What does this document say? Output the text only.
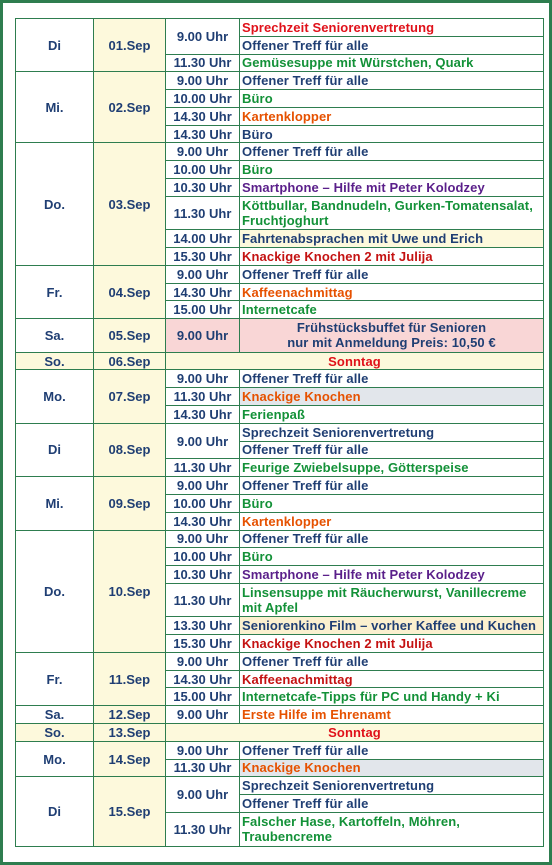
Di	01.Sep	9.00 Uhr	Sprechzeit Seniorenvertretung
			Offener Treff für alle
		11.30 Uhr	Gemüsesuppe mit Würstchen, Quark
Mi.	02.Sep	9.00 Uhr	Offener Treff für alle
		10.00 Uhr	Büro
		14.30 Uhr	Kartenklopper
		14.30 Uhr	Büro
Do.	03.Sep	9.00 Uhr	Offener Treff für alle
		10.00 Uhr	Büro
		10.30 Uhr	Smartphone – Hilfe mit Peter Kolodzey
		11.30 Uhr	Köttbullar, Bandnudeln, Gurken-Tomatensalat, Fruchtjoghurt
		14.00 Uhr	Fahrtenabsprachen mit Uwe und Erich
		15.30 Uhr	Knackige Knochen 2 mit Julija
Fr.	04.Sep	9.00 Uhr	Offener Treff für alle
		14.30 Uhr	Kaffeenachmittag
		15.00 Uhr	Internetcafe
Sa.	05.Sep	9.00 Uhr	Frühstücksbuffet für Senioren
nur mit Anmeldung Preis: 10,50 €
So.	06.Sep	Sonntag	
Mo.	07.Sep	9.00 Uhr	Offener Treff für alle
		11.30 Uhr	Knackige Knochen
		14.30 Uhr	Ferienpaß
Di	08.Sep	9.00 Uhr	Sprechzeit Seniorenvertretung
			Offener Treff für alle
		11.30 Uhr	Feurige Zwiebelsuppe, Götterspeise
Mi.	09.Sep	9.00 Uhr	Offener Treff für alle
		10.00 Uhr	Büro
		14.30 Uhr	Kartenklopper
Do.	10.Sep	9.00 Uhr	Offener Treff für alle
		10.00 Uhr	Büro
		10.30 Uhr	Smartphone – Hilfe mit Peter Kolodzey
		11.30 Uhr	Linsensuppe mit Räucherwurst, Vanillecreme mit Apfel
		13.30 Uhr	Seniorenkino Film – vorher Kaffee und Kuchen
		15.30 Uhr	Knackige Knochen 2 mit Julija
Fr.	11.Sep	9.00 Uhr	Offener Treff für alle
		14.30 Uhr	Kaffeenachmittag
		15.00 Uhr	Internetcafe-Tipps für PC und Handy + Ki
Sa.	12.Sep	9.00 Uhr	Erste Hilfe im Ehrenamt
So.	13.Sep	Sonntag	
Mo.	14.Sep	9.00 Uhr	Offener Treff für alle
		11.30 Uhr	Knackige Knochen
Di	15.Sep	9.00 Uhr	Sprechzeit Seniorenvertretung
			Offener Treff für alle
		11.30 Uhr	Falscher Hase, Kartoffeln, Möhren, Traubencreme
